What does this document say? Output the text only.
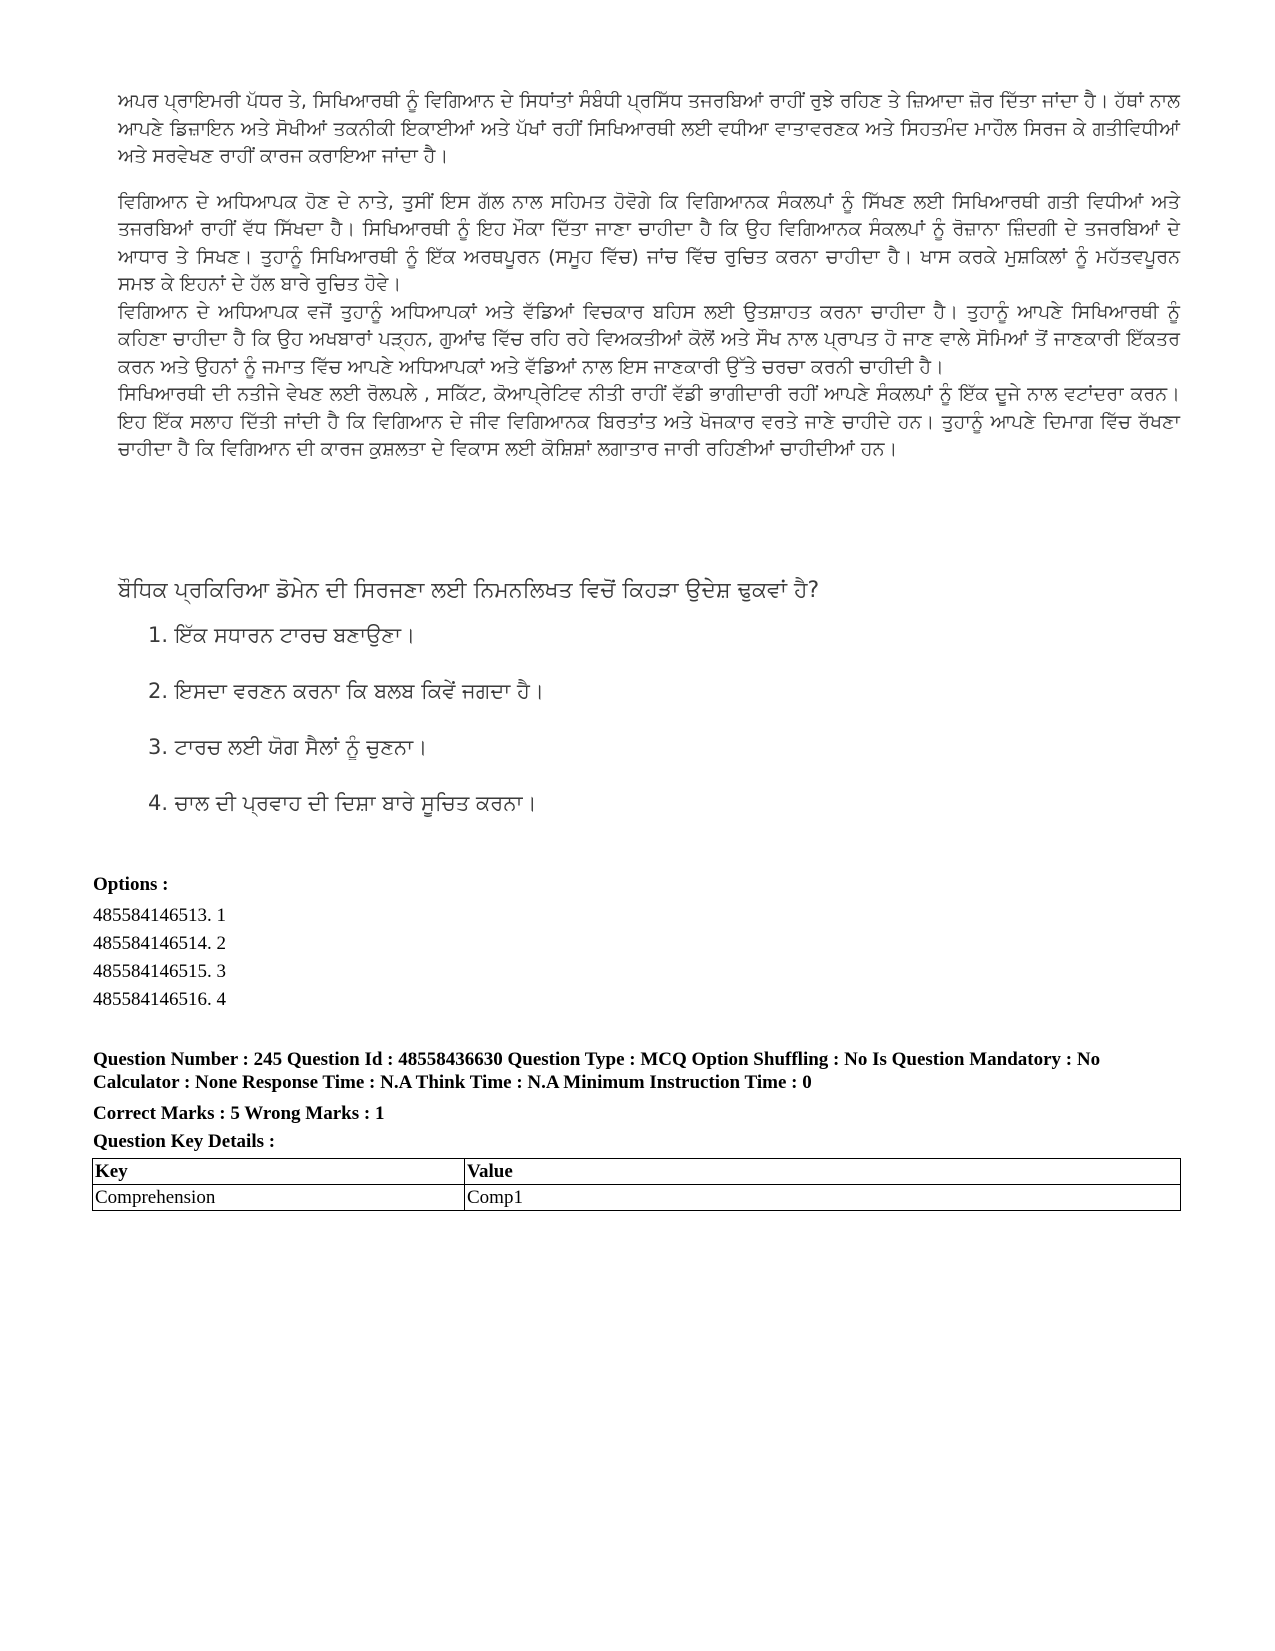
ਅਪਰ ਪ੍ਰਾਇਮਰੀ ਪੱਧਰ ਤੇ, ਸਿਖਿਆਰਥੀ ਨੂੰ ਵਿਗਿਆਨ ਦੇ ਸਿਧਾਂਤਾਂ ਸੰਬੰਧੀ ਪ੍ਰਸਿੱਧ ਤਜਰਬਿਆਂ ਰਾਹੀਂ ਰੁਝੇ ਰਹਿਣ ਤੇ ਜ਼ਿਆਦਾ ਜ਼ੋਰ ਦਿੱਤਾ ਜਾਂਦਾ ਹੈ। ਹੱਥਾਂ ਨਾਲ ਆਪਣੇ ਡਿਜ਼ਾਇਨ ਅਤੇ ਸੋਖੀਆਂ ਤਕਨੀਕੀ ਇਕਾਈਆਂ ਅਤੇ ਪੱਖਾਂ ਰਹੀਂ ਸਿਖਿਆਰਥੀ ਲਈ ਵਧੀਆ ਵਾਤਾਵਰਣਕ ਅਤੇ ਸਿਹਤਮੰਦ ਮਾਹੌਲ ਸਿਰਜ ਕੇ ਗਤੀਵਿਧੀਆਂ ਅਤੇ ਸਰਵੇਖਣ ਰਾਹੀਂ ਕਾਰਜ ਕਰਾਇਆ ਜਾਂਦਾ ਹੈ।

ਵਿਗਿਆਨ ਦੇ ਅਧਿਆਪਕ ਹੋਣ ਦੇ ਨਾਤੇ, ਤੁਸੀਂ ਇਸ ਗੱਲ ਨਾਲ ਸਹਿਮਤ ਹੋਵੋਗੇ ਕਿ ਵਿਗਿਆਨਕ ਸੰਕਲਪਾਂ ਨੂੰ ਸਿੱਖਣ ਲਈ ਸਿਖਿਆਰਥੀ ਗਤੀ ਵਿਧੀਆਂ ਅਤੇ ਤਜਰਬਿਆਂ ਰਾਹੀਂ ਵੱਧ ਸਿੱਖਦਾ ਹੈ। ਸਿਖਿਆਰਥੀ ਨੂੰ ਇਹ ਮੌਕਾ ਦਿੱਤਾ ਜਾਣਾ ਚਾਹੀਦਾ ਹੈ ਕਿ ਉਹ ਵਿਗਿਆਨਕ ਸੰਕਲਪਾਂ ਨੂੰ ਰੋਜ਼ਾਨਾ ਜ਼ਿੰਦਗੀ ਦੇ ਤਜਰਬਿਆਂ ਦੇ ਆਧਾਰ ਤੇ ਸਿਖਣ। ਤੁਹਾਨੂੰ ਸਿਖਿਆਰਥੀ ਨੂੰ ਇੱਕ ਅਰਥਪੂਰਨ (ਸਮੂਹ ਵਿੱਚ) ਜਾਂਚ ਵਿੱਚ ਰੁਚਿਤ ਕਰਨਾ ਚਾਹੀਦਾ ਹੈ। ਖਾਸ ਕਰਕੇ ਮੁਸ਼ਕਿਲਾਂ ਨੂੰ ਮਹੱਤਵਪੂਰਨ ਸਮਝ ਕੇ ਇਹਨਾਂ ਦੇ ਹੱਲ ਬਾਰੇ ਰੁਚਿਤ ਹੋਵੇ।

ਵਿਗਿਆਨ ਦੇ ਅਧਿਆਪਕ ਵਜੋਂ ਤੁਹਾਨੂੰ ਅਧਿਆਪਕਾਂ ਅਤੇ ਵੱਡਿਆਂ ਵਿਚਕਾਰ ਬਹਿਸ ਲਈ ਉਤਸ਼ਾਹਤ ਕਰਨਾ ਚਾਹੀਦਾ ਹੈ। ਤੁਹਾਨੂੰ ਆਪਣੇ ਸਿਖਿਆਰਥੀ ਨੂੰ ਕਹਿਣਾ ਚਾਹੀਦਾ ਹੈ ਕਿ ਉਹ ਅਖਬਾਰਾਂ ਪੜ੍ਹਨ, ਗੁਆਂਢ ਵਿੱਚ ਰਹਿ ਰਹੇ ਵਿਅਕਤੀਆਂ ਕੋਲੋਂ ਅਤੇ ਸੌਖ ਨਾਲ ਪ੍ਰਾਪਤ ਹੋ ਜਾਣ ਵਾਲੇ ਸੋਮਿਆਂ ਤੋਂ ਜਾਣਕਾਰੀ ਇੱਕਤਰ ਕਰਨ ਅਤੇ ਉਹਨਾਂ ਨੂੰ ਜਮਾਤ ਵਿੱਚ ਆਪਣੇ ਅਧਿਆਪਕਾਂ ਅਤੇ ਵੱਡਿਆਂ ਨਾਲ ਇਸ ਜਾਣਕਾਰੀ ਉੱਤੇ ਚਰਚਾ ਕਰਨੀ ਚਾਹੀਦੀ ਹੈ।

ਸਿਖਿਆਰਥੀ ਦੀ ਨਤੀਜੇ ਵੇਖਣ ਲਈ ਰੋਲਪਲੇ , ਸਕਿੱਟ, ਕੋਆਪ੍ਰੇਟਿਵ ਨੀਤੀ ਰਾਹੀਂ ਵੱਡੀ ਭਾਗੀਦਾਰੀ ਰਹੀਂ ਆਪਣੇ ਸੰਕਲਪਾਂ ਨੂੰ ਇੱਕ ਦੂਜੇ ਨਾਲ ਵਟਾਂਦਰਾ ਕਰਨ। ਇਹ ਇੱਕ ਸਲਾਹ ਦਿੱਤੀ ਜਾਂਦੀ ਹੈ ਕਿ ਵਿਗਿਆਨ ਦੇ ਜੀਵ ਵਿਗਿਆਨਕ ਬਿਰਤਾਂਤ ਅਤੇ ਖੋਜਕਾਰ ਵਰਤੇ ਜਾਣੇ ਚਾਹੀਦੇ ਹਨ। ਤੁਹਾਨੂੰ ਆਪਣੇ ਦਿਮਾਗ ਵਿੱਚ ਰੱਖਣਾ ਚਾਹੀਦਾ ਹੈ ਕਿ ਵਿਗਿਆਨ ਦੀ ਕਾਰਜ ਕੁਸ਼ਲਤਾ ਦੇ ਵਿਕਾਸ ਲਈ ਕੋਸ਼ਿਸ਼ਾਂ ਲਗਾਤਾਰ ਜਾਰੀ ਰਹਿਣੀਆਂ ਚਾਹੀਦੀਆਂ ਹਨ।

ਬੌਧਿਕ ਪ੍ਰਕਿਰਿਆ ਡੋਮੇਨ ਦੀ ਸਿਰਜਣਾ ਲਈ ਨਿਮਨਲਿਖਤ ਵਿਚੋਂ ਕਿਹੜਾ ਉਦੇਸ਼ ਢੁਕਵਾਂ ਹੈ?

1. ਇੱਕ ਸਧਾਰਨ ਟਾਰਚ ਬਣਾਉਣਾ।

2. ਇਸਦਾ ਵਰਣਨ ਕਰਨਾ ਕਿ ਬਲਬ ਕਿਵੇਂ ਜਗਦਾ ਹੈ।

3. ਟਾਰਚ ਲਈ ਯੋਗ ਸੈਲਾਂ ਨੂੰ ਚੁਣਨਾ।

4. ਚਾਲ ਦੀ ਪ੍ਰਵਾਹ ਦੀ ਦਿਸ਼ਾ ਬਾਰੇ ਸੂਚਿਤ ਕਰਨਾ।

Options :
485584146513. 1
485584146514. 2
485584146515. 3
485584146516. 4
Question Number : 245 Question Id : 48558436630 Question Type : MCQ Option Shuffling : No Is Question Mandatory : No Calculator : None Response Time : N.A Think Time : N.A Minimum Instruction Time : 0
Correct Marks : 5 Wrong Marks : 1
Question Key Details :
Key	Value
Comprehension	Comp1
